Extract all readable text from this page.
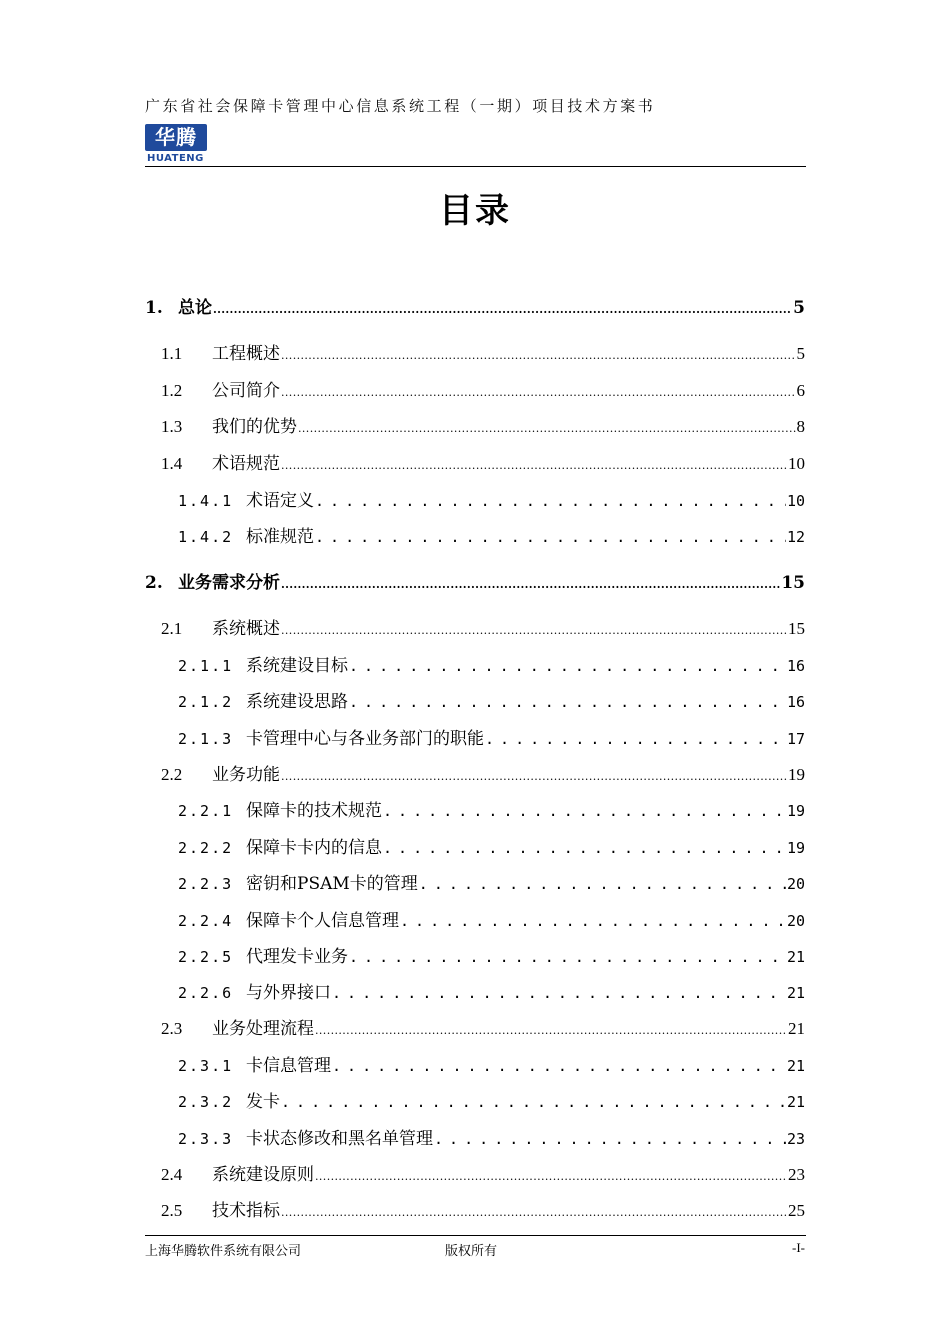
广东省社会保障卡管理中心信息系统工程（一期）项目技术方案书
华腾
HUATENG
目录
1. 总论 .....	5
1.1	工程概述 .....	5
1.2	公司简介 .....	6
1.3	我们的优势 .....	8
1.4	术语规范 .....	10
1.4.1 术语定义 . . .	10
1.4.2 标准规范 . . .	12
2. 业务需求分析 .....	15
2.1	系统概述 .....	15
2.1.1 系统建设目标 . . .	16
2.1.2 系统建设思路 . . .	16
2.1.3 卡管理中心与各业务部门的职能 . . .	17
2.2	业务功能 .....	19
2.2.1 保障卡的技术规范 . . .	19
2.2.2 保障卡卡内的信息 . . .	19
2.2.3 密钥和PSAM卡的管理 . . .	20
2.2.4 保障卡个人信息管理 . . .	20
2.2.5 代理发卡业务 . . .	21
2.2.6 与外界接口 . . .	21
2.3	业务处理流程 .....	21
2.3.1 卡信息管理 . . .	21
2.3.2 发卡 . . .	21
2.3.3 卡状态修改和黑名单管理 . . .	23
2.4	系统建设原则 .....	23
2.5	技术指标 .....	25
上海华腾软件系统有限公司	版权所有	-I-
